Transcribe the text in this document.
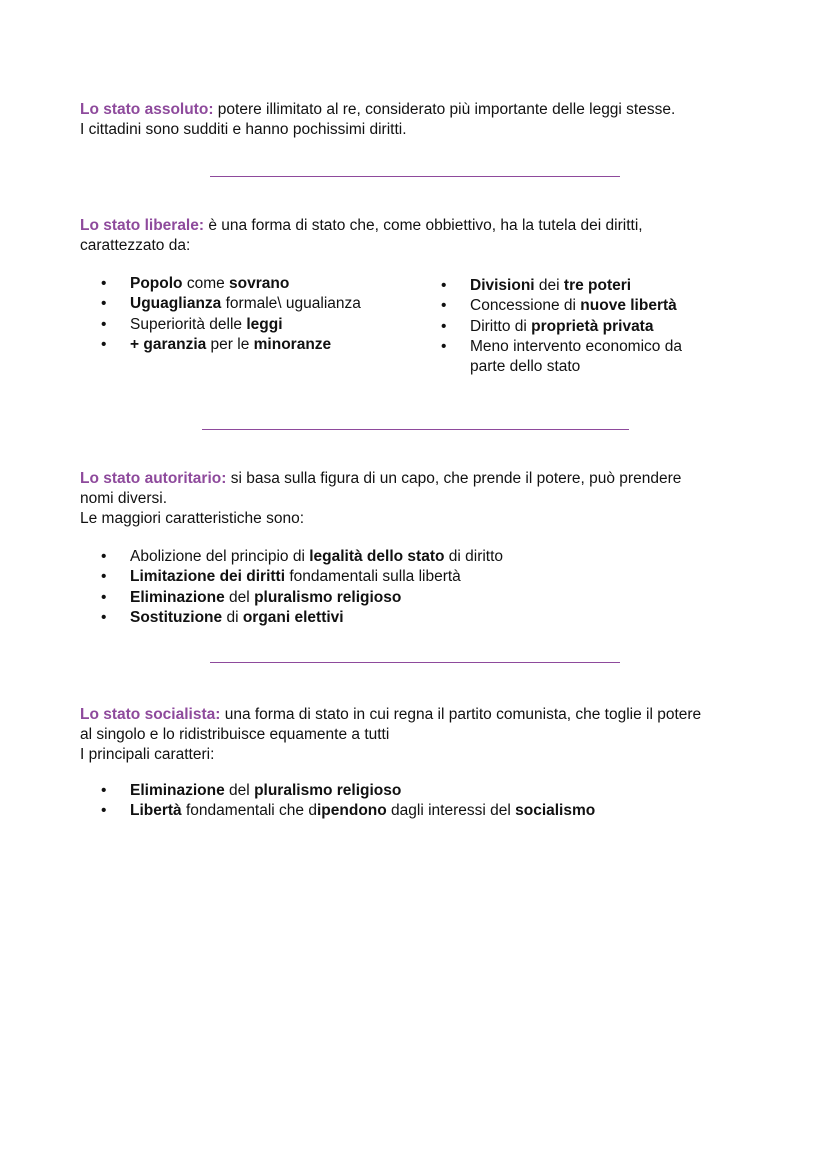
Lo stato assoluto: potere illimitato al re, considerato più importante delle leggi stesse.

I cittadini sono sudditi e hanno pochissimi diritti.

Lo stato liberale: è una forma di stato che, come obbiettivo, ha la tutela dei diritti,

carattezzato da:

• Popolo come sovrano
• Uguaglianza formale\ ugualianza
• Superiorità delle leggi
• + garanzia per le minoranze
• Divisioni dei tre poteri
• Concessione di nuove libertà
• Diritto di proprietà privata
• Meno intervento economico da
parte dello stato

Lo stato autoritario: si basa sulla figura di un capo, che prende il potere, può prendere

nomi diversi.

Le maggiori caratteristiche sono:

• Abolizione del principio di legalità dello stato di diritto
• Limitazione dei diritti fondamentali sulla libertà
• Eliminazione del pluralismo religioso
• Sostituzione di organi elettivi

Lo stato socialista: una forma di stato in cui regna il partito comunista, che toglie il potere

al singolo e lo ridistribuisce equamente a tutti

I principali caratteri:

• Eliminazione del pluralismo religioso
• Libertà fondamentali che dipendono dagli interessi del socialismo
